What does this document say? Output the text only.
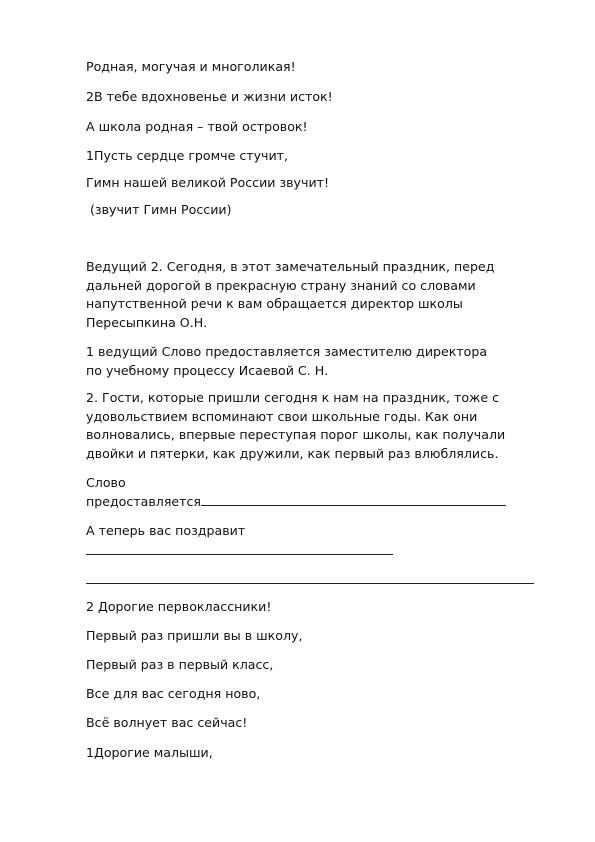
Родная, могучая и многоликая!
2В тебе вдохновенье и жизни исток!
А школа родная – твой островок!
1Пусть сердце громче стучит,
Гимн нашей великой России звучит!
(звучит Гимн России)
Ведущий 2. Сегодня, в этот замечательный праздник, перед
дальней дорогой в прекрасную страну знаний со словами
напутственной речи к вам обращается директор школы
Пересыпкина О.Н.
1 ведущий Слово предоставляется заместителю директора
по учебному процессу Исаевой С. Н.
2. Гости, которые пришли сегодня к нам на праздник, тоже с
удовольствием вспоминают свои школьные годы. Как они
волновались, впервые переступая порог школы, как получали
двойки и пятерки, как дружили, как первый раз влюблялись.
Слово
предоставляется
А теперь вас поздравит
2 Дорогие первоклассники!
Первый раз пришли вы в школу,
Первый раз в первый класс,
Все для вас сегодня ново,
Всё волнует вас сейчас!
1Дорогие малыши,
